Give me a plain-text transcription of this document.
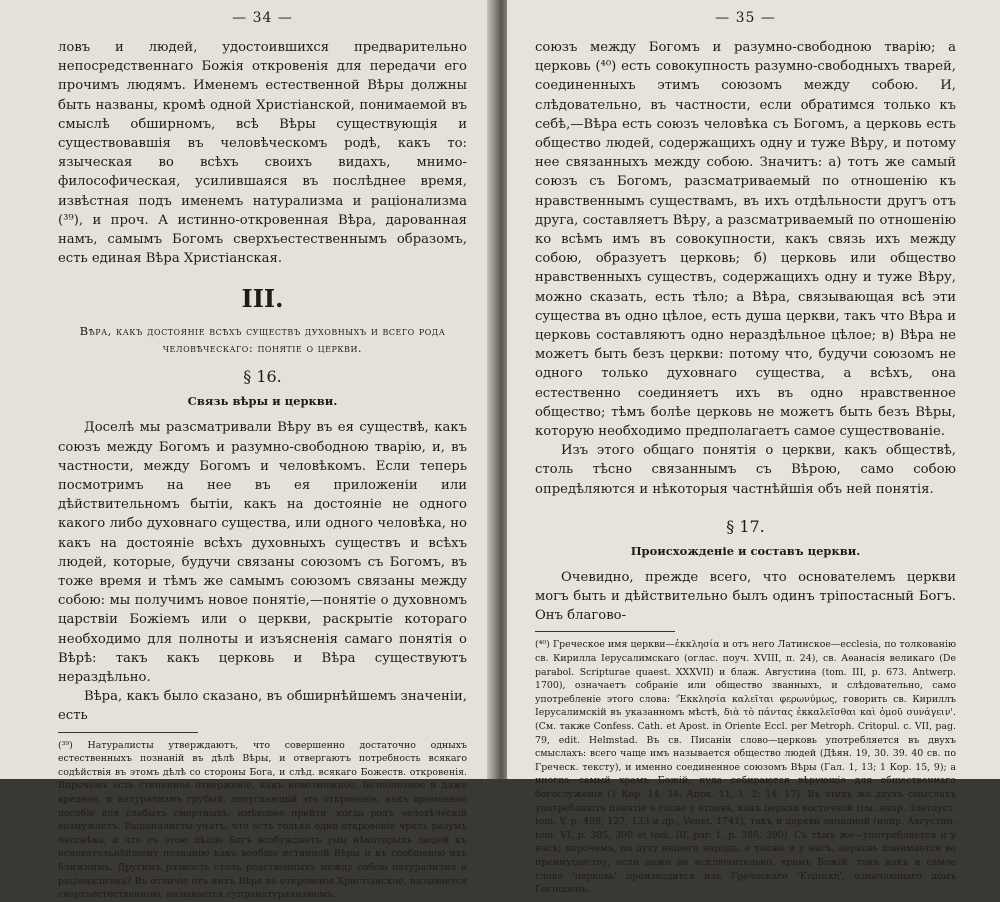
— 34 —

ловъ и людей, удостоившихся предварительно непосредственнаго Божія откровенія для передачи его прочимъ людямъ. Именемъ естественной Вѣры должны быть названы, кромѣ одной Христіанской, понимаемой въ смыслѣ обширномъ, всѣ Вѣры существующія и существовавшія въ человѣческомъ родѣ, какъ то: языческая во всѣхъ своихъ видахъ, мнимо-философическая, усилившаяся въ послѣднее время, извѣстная подъ именемъ натурализма и раціонализма (³⁹), и проч. А истинно-откровенная Вѣра, дарованная намъ, самымъ Богомъ сверхъестественнымъ образомъ, есть единая Вѣра Христіанская.

III.

Вѣра, какъ достояніе всѣхъ существъ духовныхъ и всего рода человѣческаго: понятіе о церкви.

§ 16.
Связь вѣры и церкви.

Доселѣ мы разсматривали Вѣру въ ея существѣ, какъ союзъ между Богомъ и разумно-свободною тварію, и, въ частности, между Богомъ и человѣкомъ. Если теперь посмотримъ на нее въ ея приложеніи или дѣйствительномъ бытіи, какъ на достояніе не одного какого либо духовнаго существа, или одного человѣка, но какъ на достояніе всѣхъ духовныхъ существъ и всѣхъ людей, которые, будучи связаны союзомъ съ Богомъ, въ тоже время и тѣмъ же самымъ союзомъ связаны между собою: мы получимъ новое понятіе,—понятіе о духовномъ царствіи Божіемъ или о церкви, раскрытіе котораго необходимо для полноты и изъясненія самаго понятія о Вѣрѣ: такъ какъ церковь и Вѣра существуютъ нераздѣльно.

Вѣра, какъ было сказано, въ обширнѣйшемъ значеніи, есть

(³⁹) Натуралисты утверждаютъ, что совершенно достаточно одныхъ естественныхъ познаній въ дѣлѣ Вѣры, и отвергаютъ потребность всякаго содѣйствія въ этомъ дѣлѣ со стороны Бога, и слѣд. всякаго Божеств. откровенія. Впрочемъ есть степенное отверженіе, какъ невозможное, безполезное и даже вредное, и натурализмъ грубый, допускающій это откровеніе, какъ временное пособіе для слабыхъ смертныхъ, имѣющее прейти, когда родъ человѣческій возмужаетъ. Раціоналисты учатъ, что есть только одно откровеніе чрезъ разумъ человѣка, и что съ этою цѣлію Богъ возбуждаетъ умы нѣкоторыхъ людей къ основательнѣйшему познанію какъ вообще истинной Вѣры и къ сообщенію ихъ ближнимъ. Другимъ разность столь родственныхъ между собою натурализма и раціонализма? Въ отличіе отъ нихъ Вѣра въ откровеніе Христіанское, пазывается сверхъестественною, называется супранатурализмомъ.

— 35 —

союзъ между Богомъ и разумно-свободною тварію; а церковь (⁴⁰) есть совокупность разумно-свободныхъ тварей, соединенныхъ этимъ союзомъ между собою. И, слѣдовательно, въ частности, если обратимся только къ себѣ,—Вѣра есть союзъ человѣка съ Богомъ, а церковь есть общество людей, содержащихъ одну и туже Вѣру, и потому нее связанныхъ между собою. Значитъ: а) тотъ же самый союзъ съ Богомъ, разсматриваемый по отношенію къ нравственнымъ существамъ, въ ихъ отдѣльности другъ отъ друга, составляетъ Вѣру, а разсматриваемый по отношенію ко всѣмъ имъ въ совокупности, какъ связь ихъ между собою, образуетъ церковь; б) церковь или общество нравственныхъ существъ, содержащихъ одну и туже Вѣру, можно сказать, есть тѣло; а Вѣра, связывающая всѣ эти существа въ одно цѣлое, есть душа церкви, такъ что Вѣра и церковь составляютъ одно нераздѣльное цѣлое; в) Вѣра не можетъ быть безъ церкви: потому что, будучи союзомъ не одного только духовнаго существа, а всѣхъ, она естественно соединяетъ ихъ въ одно нравственное общество; тѣмъ болѣе церковь не можетъ быть безъ Вѣры, которую необходимо предполагаетъ самое существованіе.

Изъ этого общаго понятія о церкви, какъ обществѣ, столь тѣсно связаннымъ съ Вѣрою, само собою опредѣляются и нѣкоторыя частнѣйшія объ ней понятія.

§ 17.
Происхожденіе и составъ церкви.

Очевидно, прежде всего, что основателемъ церкви могъ быть и дѣйствительно былъ одинъ тріпостасный Богъ. Онъ благово-

(⁴⁰) Греческое имя церкви—ἐκκλησία и отъ него Латинское—ecclesia, по толкованію св. Кирилла Іерусалимскаго (оглас. поуч. XVIII, п. 24), св. Аѳанасія великаго (De parabol. Scripturae quaest. XXXVII) и блаж. Августина (tom. III, p. 673. Antwerp. 1700), означаетъ собраніе или общество званныхъ, и слѣдовательно, само употребленіе этого слова: 'Ἐκκλησία καλεῖται φερωνύμως, говорить св. Кириллъ Іерусалимскій въ указанномъ мѣстѣ, διὰ τὸ πάντας ἐκκαλεῖσθαι καὶ ὁμοῦ συνάγειν'. (См. также Confess. Cath. et Apost. in Oriente Eccl. per Metroph. Critopul. c. VII, pag. 79, edit. Helmstad. Въ св. Писаніи слово—церковь употребляется въ двухъ смыслахъ: всего чаще имъ называется общество людей (Дѣян. 19, 30. 39. 40 св. по Греческ. тексту), и именно соединенное союзомъ Вѣры (Гал. 1, 13; 1 Кор. 15, 9); а иногда—самый храмъ Божій, куда собираются вѣрующіе для общественнаго богослуженія (1 Кор. 14, 34; Апок. 11, 1. 2; 14, 17). Въ этихъ же двухъ смыслахъ употребляютъ понятіе о слово у отцевъ, какъ церкви восточной (см. напр. Златоуст. tom. V, p. 498, 127, 133 и др., Venet. 1741), такъ и церкви западной (напр. Августин. tom. VI, p. 385, 390 et tom. III, par. 1, p. 386, 390). Съ тѣмъ же—употребляется и у насъ; впрочемъ, по духу нашего народа, а также и у насъ, церковь понимается во преимуществу, если даже не исключительно, храмъ Божій: такъ какъ и самое слово 'церковь' производится изъ Греческаго 'Κυριακὴ', означающаго домъ Господень.
